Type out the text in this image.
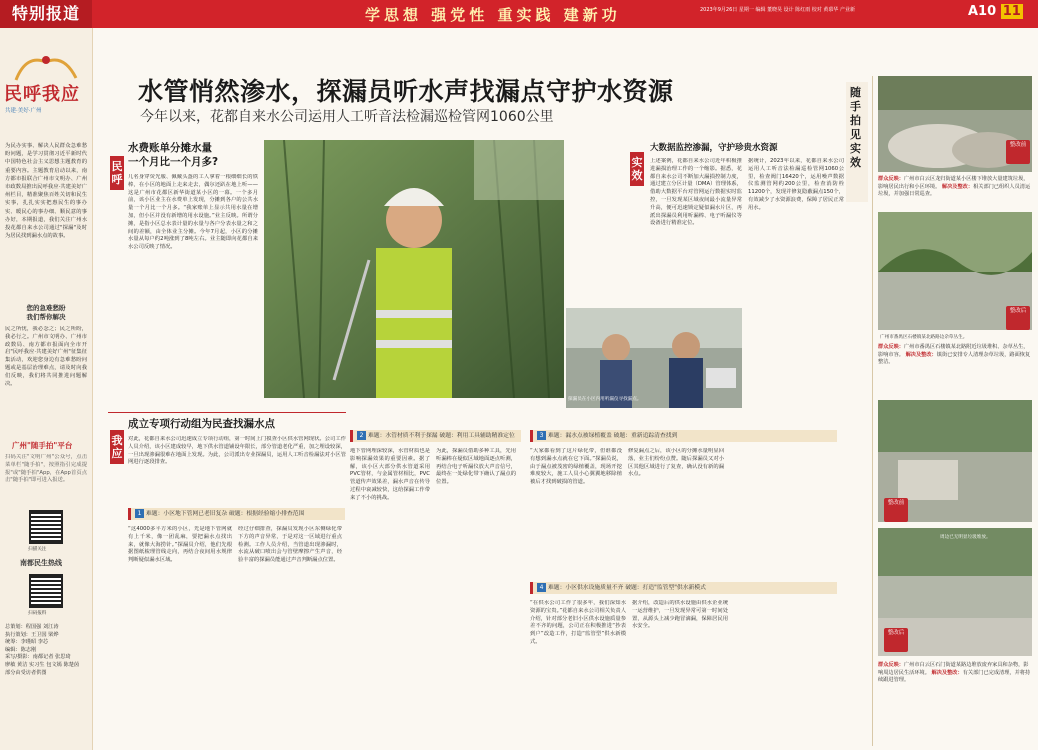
特别报道	学思想 强党性 重实践 建新功	2023年9月26日 星期一 编辑 董晓昊 设计 陈红雨 校对 黄慕华 产业新	A10 11
民呼我应
共建·美好·广州
为民办实事、解决人民群众急难愁盼问题，是学习贯彻习近平新时代中国特色社会主义思想主题教育的重要内容。主题教育启动以来，南方都市报联合广州市文明办、广州市政数局推出民呼我应·共建美好广州栏目，精准聚焦百姓关切和民生实事，扎扎实实把惠民生的事办实、暖民心的事办细、顺民意的事办好，本期报道，我们关注广州水投花都自来水公司通过"探漏"及时为居民找到漏水点的故事。
您的急难愁盼
我们帮你解决
民之所忧，我必念之；民之所盼，我必行之。广州市文明办、广州市政数局、南方都市报面向全市开启"民呼我应·共建美好广州"征集征集活动，欢迎您身边有急难愁盼问题或是基层治理难点，请及时向我们反映，我们将共同推进问题解决。
广州"随手拍"平台
扫码关注"文明广州"公众号，点击菜单栏"随手拍"，按照指引完成提报"或"随手拍"App，在App首页点击"随手拍"即可进入报送。
扫描关注
南都民生热线
扫码报料
总策划：程国强 刘江涛
执行策划：王卫国 梁烨
统筹：李瑾昭 李芯
编辑：陈志刚
采写/摄影：南都记者 张思琦
廖敏 黄洁 实习生 包文嫣 陈楚茵
部分由受访者供图
水管悄然渗水，探漏员听水声找漏点守护水资源
今年以来，花都自来水公司运用人工听音法检漏巡检管网1060公里
民呼
水费账单分摊水量
一个月比一个月多?
几名身穿荧光服、佩戴头盔的工人拿着一根细细长的铁棒，在小区的地面上走来走去，偶尔还趴在地上听——这是广州市花都区新华街道某小区的一幕。一个多月前，该小区业主在水费单上发现，分摊到各户的公共水量一个月比一个月多。“我家账单上显示共用水量在增加，但小区并没有新增的用水设施。”业主反映。所谓分摊，是指小区总水表计量的水量与各户分表水量之和之间的差额，由全体业主分摊。今年7月起，小区的分摊水量从每户约2吨涨到了8吨左右。业主随即向花都自来水公司反映了情况。
实效
大数据监控渗漏，守护珍贵水资源
上述案例，花都自来水公司近年积极推进漏损治理工作的一个缩影。据悉，花都自来水公司不断加大漏损控制力度，通过建立分区计量（DMA）管理体系，借助大数据平台对管网运行数据实时监控，一旦发现某区域夜间最小流量异常升高，便可迅速锁定疑似漏水片区，再派出探漏员利用听漏棒、电子听漏仪等设备进行精准定位。
据统计，2023年以来，花都自来水公司运用人工听音法检漏巡检管网1060公里，检查阀门16420个，运用噪声数据仪监测管网约200公里，检查消防栓11200个，发现并修复隐蔽漏点150个，有效减少了水资源浪费，保障了居民正常用水。
探漏员在小区内用听漏仪寻找漏点。
我应
成立专项行动组为民查找漏水点
对此，花都自来水公司迅速成立专项行动组，第一时间上门摸查小区供水管网现状。公司工作人员介绍，该小区建成较早，地下供水管道铺设年限长，部分管道老化严重，加之埋设较深，一旦出现渗漏很难在地面上发现。为此，公司派出专业探漏员，运用人工听音检漏法对小区管网进行逐段排查。
1 难题：小区地下管网已老旧复杂 破题：根据经验缩小排查范围
2 难题：水管材质不利于探漏 破题：利用工具辅助精准定位	3 难题：漏水点被绿植覆盖 破题：重新追踪清查找到
4 难题：小区供水设施质量不齐 破题：打造"监管型"供水新模式
“这4000多平方米的小区，光是地下管网就有上千米，像一团乱麻，要把漏水点找出来，就像大海捞针。”探漏员介绍，他们先根据图纸梳理管线走向，再结合夜间用水规律判断疑似漏水区域。
经过仔细排查，探漏员发现小区东侧绿化带下方的声音异常，于是对这一区域进行重点检测。工作人员介绍，当管道出现渗漏时，水流从破口喷出会与管壁摩擦产生声音，经验丰富的探漏员能通过声音判断漏点位置。
地下管网埋深较深，水管材质也是影响探漏效果的重要因素。据了解，该小区大部分供水管道采用PVC管材，与金属管材相比，PVC管道传声效果差，漏水声音在传导过程中衰减较快，这给探漏工作带来了不小的挑战。
为此，探漏员借助多种工具，先用听漏棒在疑似区域地面逐点听测，再结合电子听漏仪放大声音信号，最终在一处绿化带下确认了漏点的位置。
“大家都看到了这片绿化带，但谁都没有想到漏水点就在它下面。”探漏员说，由于漏点被茂密的绿植覆盖，现场开挖难度较大，施工人员小心翼翼地移除植被后才找到破损的管道。
修复漏点之后，该小区的分摊水量明显回落，业主们纷纷点赞。随后探漏员又对小区其他区域进行了复查，确认没有新的漏水点。
“在供水公司工作了很多年，我们深知水资源的宝贵。”花都自来水公司相关负责人介绍，针对部分老旧小区供水设施质量参差不齐的问题，公司正在积极推进“抄表到户”改造工作，打造“监管型”供水新模式。
据介绍，改造后的供水设施由供水企业统一运营维护，一旦发现异常可第一时间处置，从源头上减少跑冒滴漏，保障居民用水安全。
随手拍 见实效
整改前
群众反映：广州市白云区龙归街道某小区楼下堆放大量建筑垃圾，影响居民出行和小区环境。 解决及整改：相关部门已组织人员清运垃圾，并加强日常巡查。
整改后
广州市番禺区石楼镇某北路路边杂草丛生。
群众反映：广州市番禺区石楼镇某北路附近垃圾堆积、杂草丛生，影响市容。 解决及整改：镇街已安排专人清理杂草垃圾，路面恢复整洁。
整改前
整改后
周边已无明显垃圾堆放。
群众反映：广州市白云区石门街道某路边堆放废弃家具和杂物，影响周边居民生活环境。 解决及整改：有关部门已完成清理，并将持续跟进管理。
